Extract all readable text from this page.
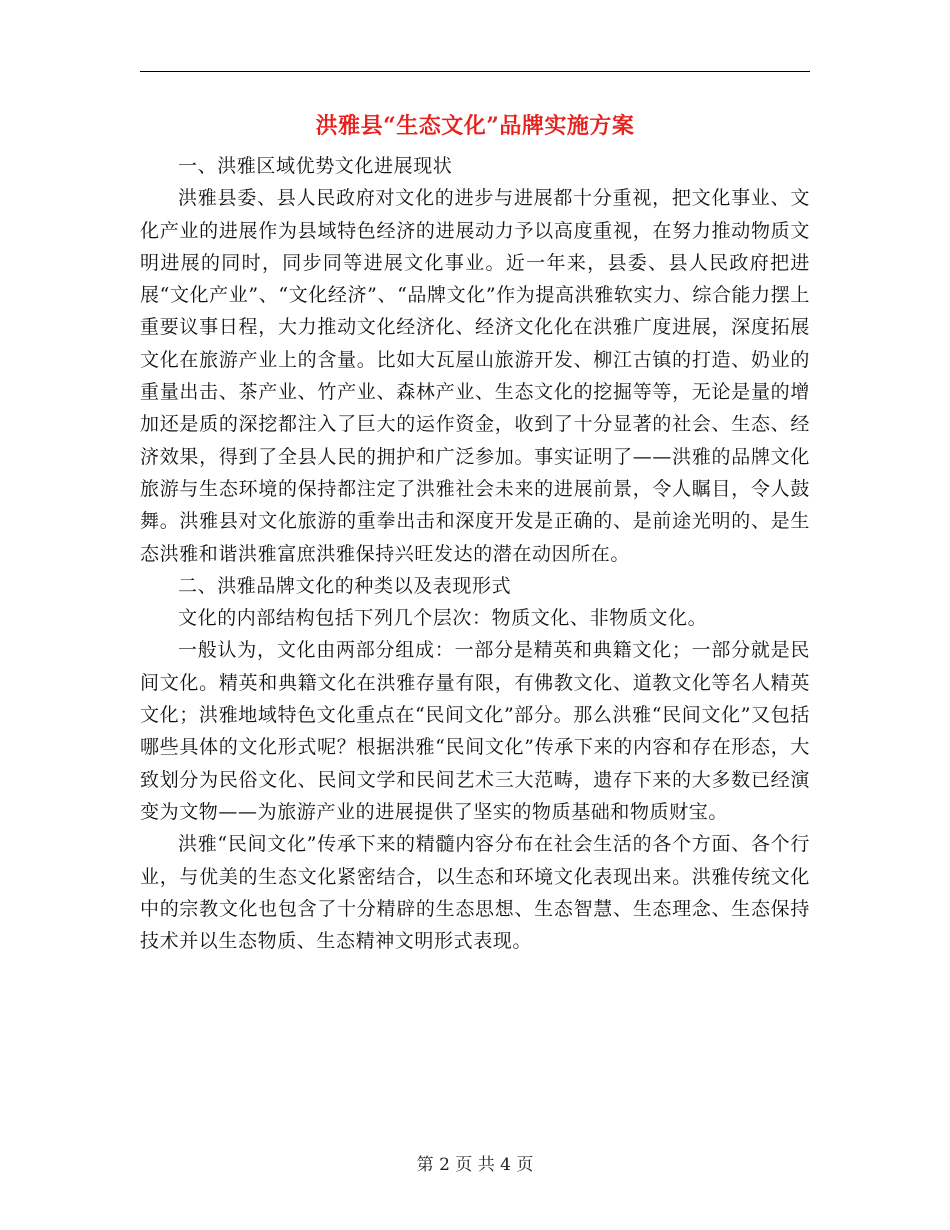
洪雅县“生态文化”品牌实施方案

一、洪雅区域优势文化进展现状

洪雅县委、县人民政府对文化的进步与进展都十分重视，把文化事业、文化产业的进展作为县域特色经济的进展动力予以高度重视，在努力推动物质文明进展的同时，同步同等进展文化事业。近一年来，县委、县人民政府把进展“文化产业”、“文化经济”、“品牌文化”作为提高洪雅软实力、综合能力摆上重要议事日程，大力推动文化经济化、经济文化化在洪雅广度进展，深度拓展文化在旅游产业上的含量。比如大瓦屋山旅游开发、柳江古镇的打造、奶业的重量出击、茶产业、竹产业、森林产业、生态文化的挖掘等等，无论是量的增加还是质的深挖都注入了巨大的运作资金，收到了十分显著的社会、生态、经济效果，得到了全县人民的拥护和广泛参加。事实证明了——洪雅的品牌文化旅游与生态环境的保持都注定了洪雅社会未来的进展前景，令人瞩目，令人鼓舞。洪雅县对文化旅游的重拳出击和深度开发是正确的、是前途光明的、是生态洪雅和谐洪雅富庶洪雅保持兴旺发达的潜在动因所在。

二、洪雅品牌文化的种类以及表现形式

文化的内部结构包括下列几个层次：物质文化、非物质文化。

一般认为，文化由两部分组成：一部分是精英和典籍文化；一部分就是民间文化。精英和典籍文化在洪雅存量有限，有佛教文化、道教文化等名人精英文化；洪雅地域特色文化重点在“民间文化”部分。那么洪雅“民间文化”又包括哪些具体的文化形式呢？根据洪雅“民间文化”传承下来的内容和存在形态，大致划分为民俗文化、民间文学和民间艺术三大范畴，遗存下来的大多数已经演变为文物——为旅游产业的进展提供了坚实的物质基础和物质财宝。

洪雅“民间文化”传承下来的精髓内容分布在社会生活的各个方面、各个行业，与优美的生态文化紧密结合，以生态和环境文化表现出来。洪雅传统文化中的宗教文化也包含了十分精辟的生态思想、生态智慧、生态理念、生态保持技术并以生态物质、生态精神文明形式表现。

第 2 页 共 4 页
